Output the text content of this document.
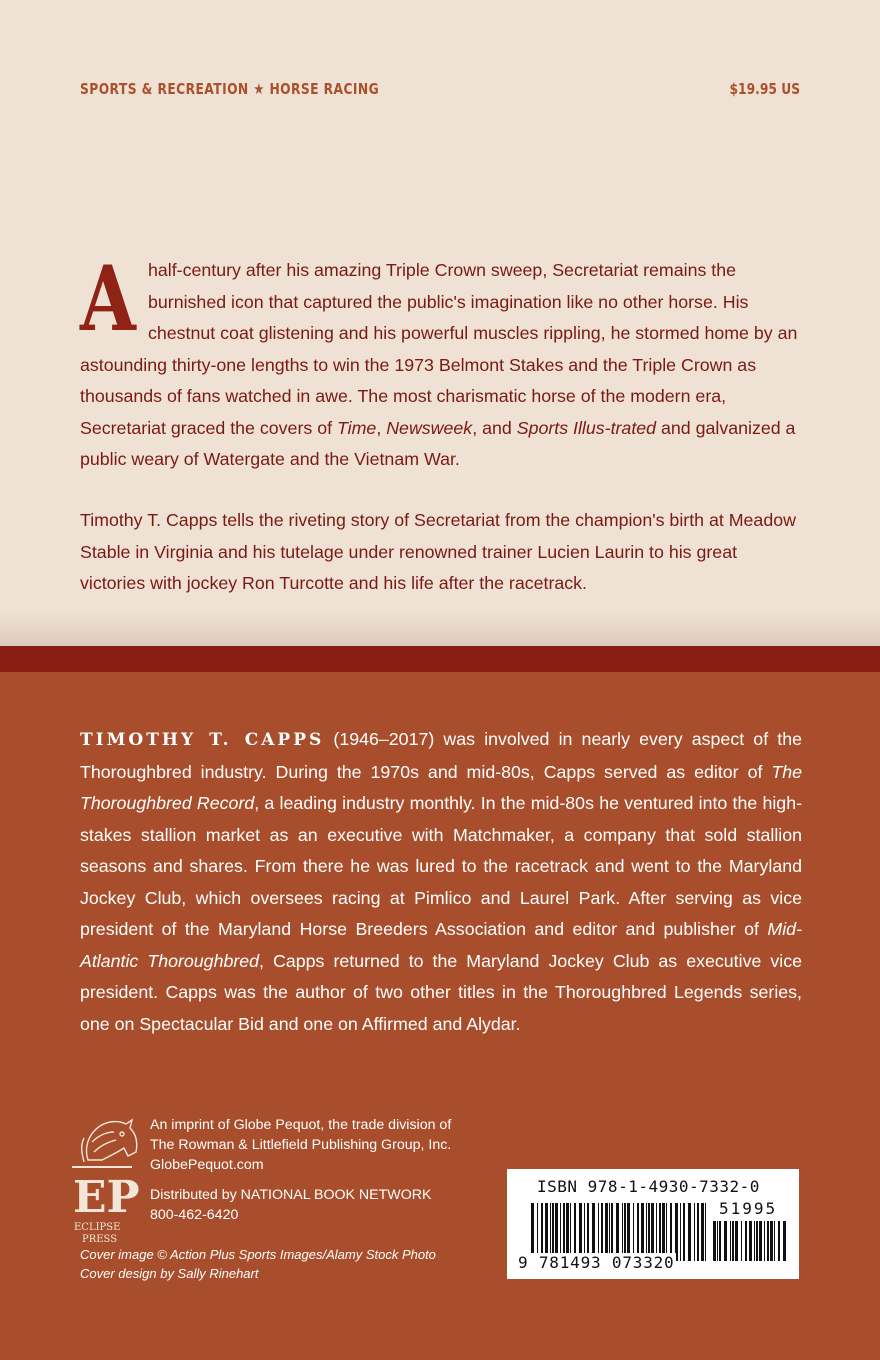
SPORTS & RECREATION ★ HORSE RACING	$19.95 US
A half-century after his amazing Triple Crown sweep, Secretariat remains the burnished icon that captured the public's imagination like no other horse. His chestnut coat glistening and his powerful muscles rippling, he stormed home by an astounding thirty-one lengths to win the 1973 Belmont Stakes and the Triple Crown as thousands of fans watched in awe. The most charismatic horse of the modern era, Secretariat graced the covers of Time, Newsweek, and Sports Illus-trated and galvanized a public weary of Watergate and the Vietnam War.
Timothy T. Capps tells the riveting story of Secretariat from the champion's birth at Meadow Stable in Virginia and his tutelage under renowned trainer Lucien Laurin to his great victories with jockey Ron Turcotte and his life after the racetrack.
TIMOTHY T. CAPPS (1946–2017) was involved in nearly every aspect of the Thoroughbred industry. During the 1970s and mid-80s, Capps served as editor of The Thoroughbred Record, a leading industry monthly. In the mid-80s he ventured into the high-stakes stallion market as an executive with Matchmaker, a company that sold stallion seasons and shares. From there he was lured to the racetrack and went to the Maryland Jockey Club, which oversees racing at Pimlico and Laurel Park. After serving as vice president of the Maryland Horse Breeders Association and editor and publisher of Mid-Atlantic Thoroughbred, Capps returned to the Maryland Jockey Club as executive vice president. Capps was the author of two other titles in the Thoroughbred Legends series, one on Spectacular Bid and one on Affirmed and Alydar.
EP
ECLIPSE
PRESS

An imprint of Globe Pequot, the trade division of

The Rowman & Littlefield Publishing Group, Inc.

GlobePequot.com

Distributed by NATIONAL BOOK NETWORK

800-462-6420

Cover image © Action Plus Sports Images/Alamy Stock Photo

Cover design by Sally Rinehart

ISBN 978-1-4930-7332-0
51995
9 781493 073320
